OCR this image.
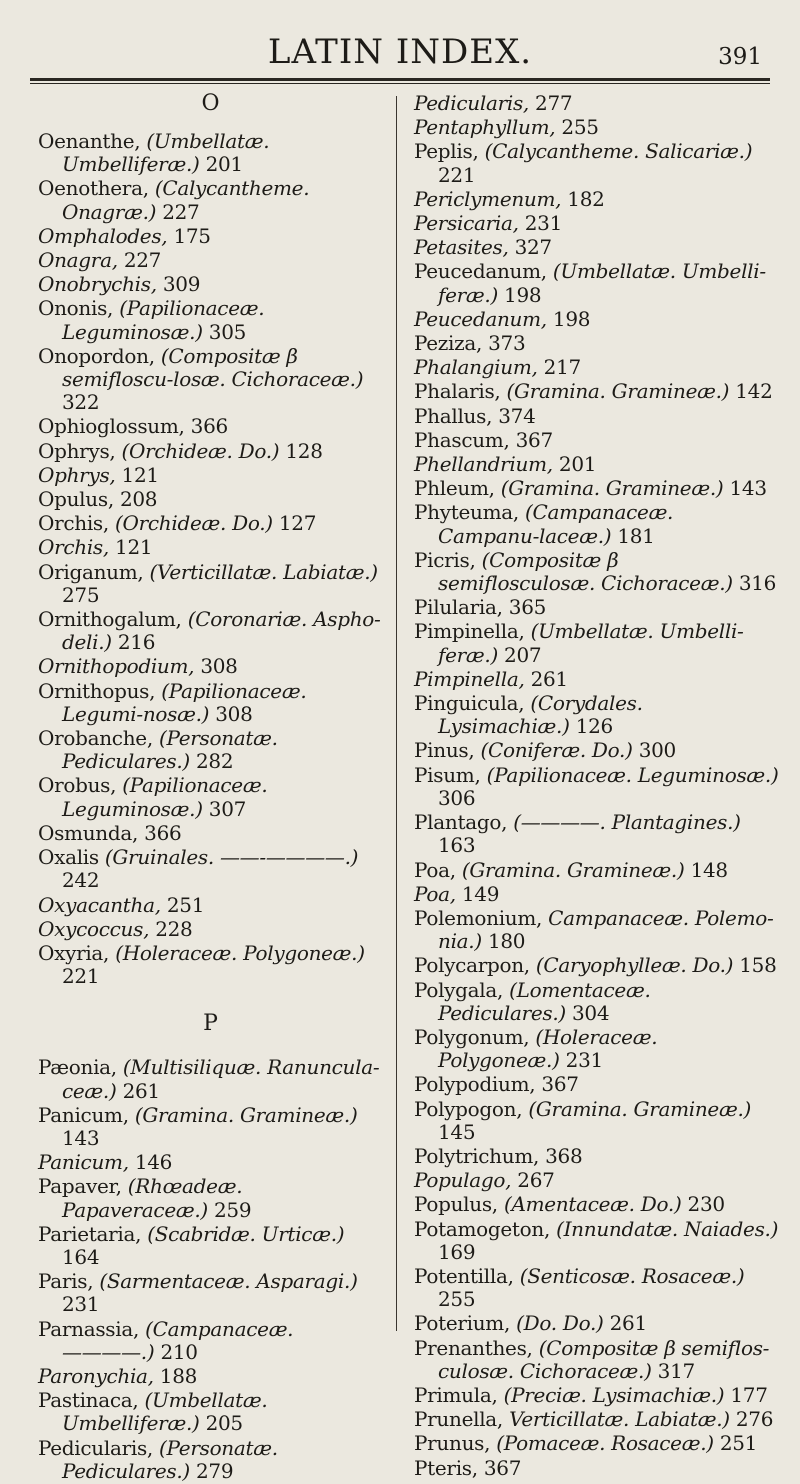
LATIN INDEX.	391
O
Oenanthe, (Umbellatæ. Umbelliferæ.) 201
Oenothera, (Calycantheme. Onagræ.) 227
Omphalodes, 175
Onagra, 227
Onobrychis, 309
Ononis, (Papilionaceæ. Leguminosæ.) 305
Onopordon, (Compositæ β semifloscu-losæ. Cichoraceæ.) 322
Ophioglossum, 366
Ophrys, (Orchideæ. Do.) 128
Ophrys, 121
Opulus, 208
Orchis, (Orchideæ. Do.) 127
Orchis, 121
Origanum, (Verticillatæ. Labiatæ.) 275
Ornithogalum, (Coronariæ. Aspho-deli.) 216
Ornithopodium, 308
Ornithopus, (Papilionaceæ. Legumi-nosæ.) 308
Orobanche, (Personatæ. Pediculares.) 282
Orobus, (Papilionaceæ. Leguminosæ.) 307
Osmunda, 366
Oxalis (Gruinales. ——-————.) 242
Oxyacantha, 251
Oxycoccus, 228
Oxyria, (Holeraceæ. Polygoneæ.) 221
P
Pæonia, (Multisiliquæ. Ranuncula-ceæ.) 261
Panicum, (Gramina. Gramineæ.) 143
Panicum, 146
Papaver, (Rhœadeæ. Papaveraceæ.) 259
Parietaria, (Scabridæ. Urticæ.) 164
Paris, (Sarmentaceæ. Asparagi.) 231
Parnassia, (Campanaceæ. ————.) 210
Paronychia, 188
Pastinaca, (Umbellatæ. Umbelliferæ.) 205
Pedicularis, (Personatæ. Pediculares.) 279
Pedicularis, 277
Pentaphyllum, 255
Peplis, (Calycantheme. Salicariæ.) 221
Periclymenum, 182
Persicaria, 231
Petasites, 327
Peucedanum, (Umbellatæ. Umbelli-feræ.) 198
Peucedanum, 198
Peziza, 373
Phalangium, 217
Phalaris, (Gramina. Gramineæ.) 142
Phallus, 374
Phascum, 367
Phellandrium, 201
Phleum, (Gramina. Gramineæ.) 143
Phyteuma, (Campanaceæ. Campanu-laceæ.) 181
Picris, (Compositæ β semiflosculosæ. Cichoraceæ.) 316
Pilularia, 365
Pimpinella, (Umbellatæ. Umbelli-feræ.) 207
Pimpinella, 261
Pinguicula, (Corydales. Lysimachiæ.) 126
Pinus, (Coniferæ. Do.) 300
Pisum, (Papilionaceæ. Leguminosæ.) 306
Plantago, (————. Plantagines.) 163
Poa, (Gramina. Gramineæ.) 148
Poa, 149
Polemonium, Campanaceæ. Polemo-nia.) 180
Polycarpon, (Caryophylleæ. Do.) 158
Polygala, (Lomentaceæ. Pediculares.) 304
Polygonum, (Holeraceæ. Polygoneæ.) 231
Polypodium, 367
Polypogon, (Gramina. Gramineæ.) 145
Polytrichum, 368
Populago, 267
Populus, (Amentaceæ. Do.) 230
Potamogeton, (Innundatæ. Naiades.) 169
Potentilla, (Senticosæ. Rosaceæ.) 255
Poterium, (Do. Do.) 261
Prenanthes, (Compositæ β semiflos-culosæ. Cichoraceæ.) 317
Primula, (Preciæ. Lysimachiæ.) 177
Prunella, Verticillatæ. Labiatæ.) 276
Prunus, (Pomaceæ. Rosaceæ.) 251
Pteris, 367
